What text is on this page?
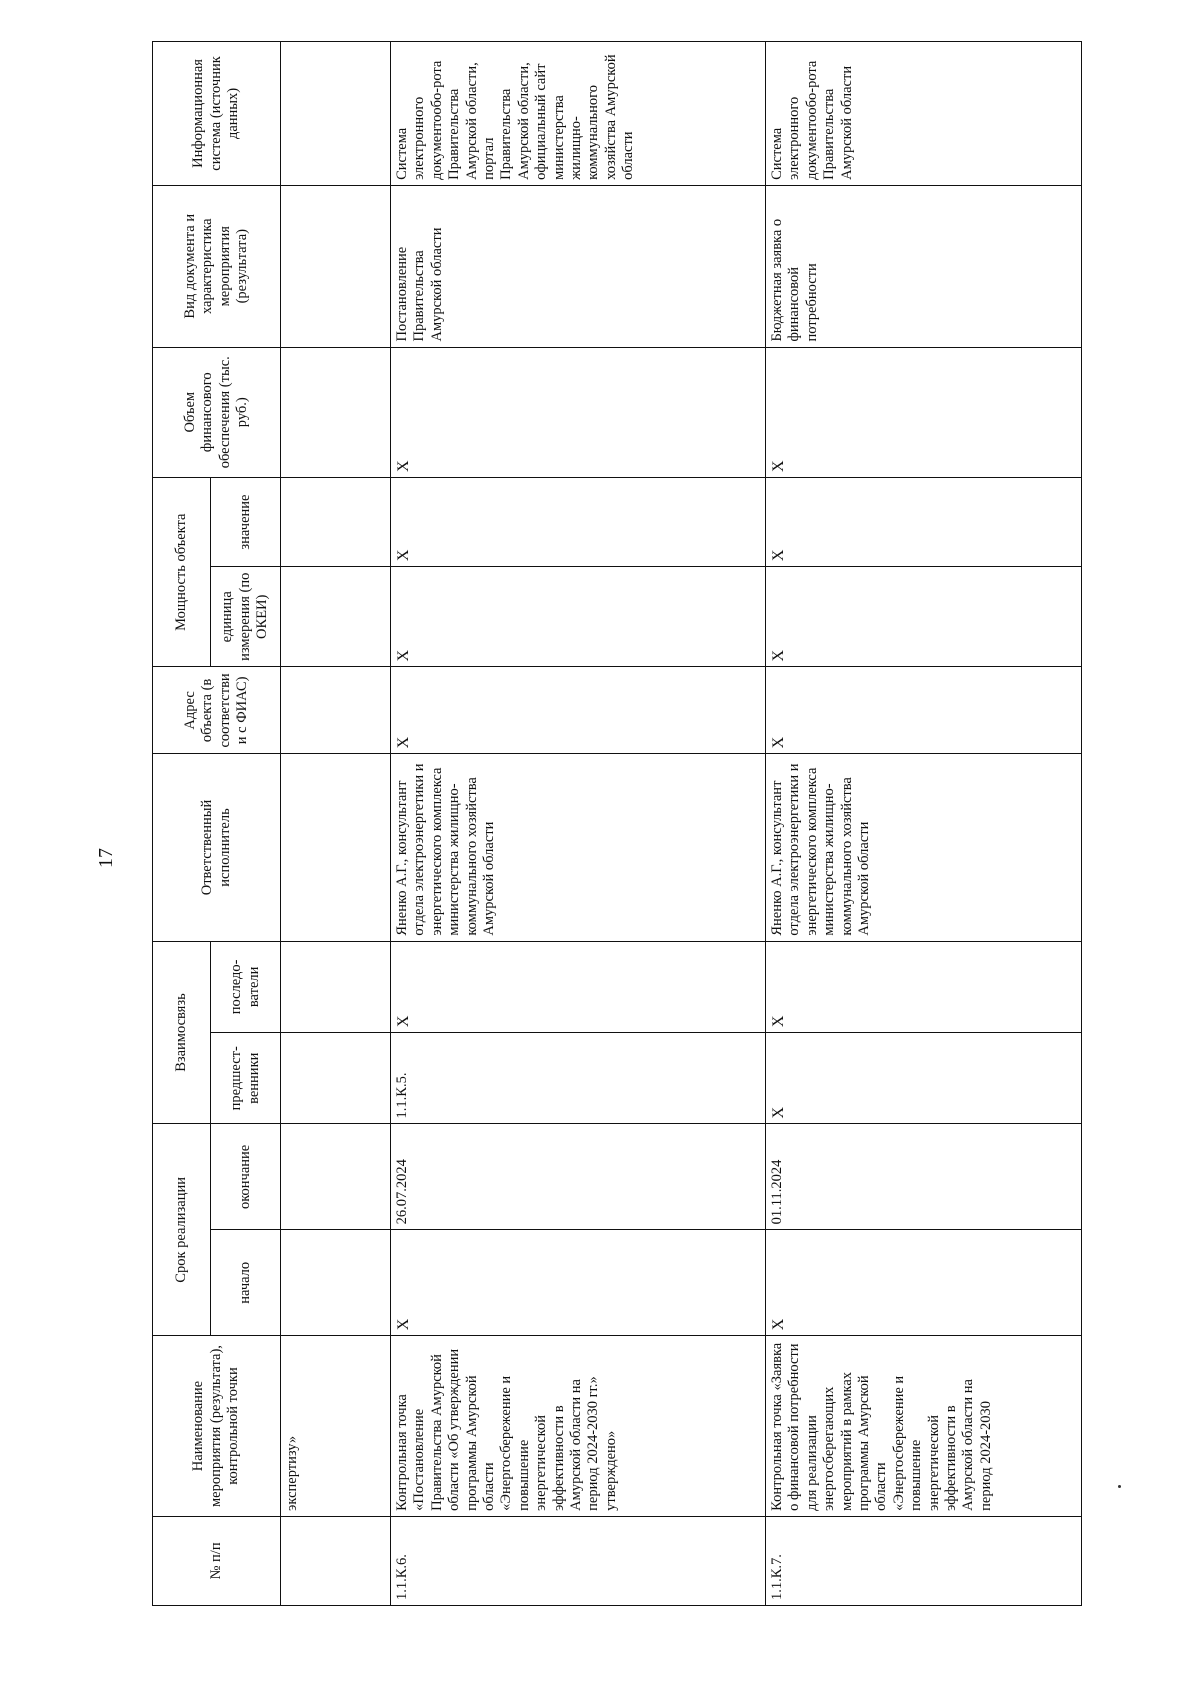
17
№ п/п	Наименование мероприятия (результата), контрольной точки	Срок реализации		Взаимосвязь		Ответственный исполнитель	Адрес объекта (в соответствии с ФИАС)	Мощность объекта		Объем финансового обеспечения (тыс. руб.)	Вид документа и характеристика мероприятия (результата)	Информационная система (источник данных)
		начало	окончание	предшест-венники	последо-ватели			единица измерения (по ОКЕИ)	значение			
	экспертизу»											
1.1.К.6.	Контрольная точка «Постановление Правительства Амурской области «Об утверждении программы Амурской области «Энергосбережение и повышение энергетической эффективности в Амурской области на период 2024-2030 гг.» утверждено»	X	26.07.2024	1.1.К.5.	X	Яненко А.Г., консультант отдела электроэнергетики и энергетического комплекса министерства жилищно-коммунального хозяйства Амурской области	X	X	X	X	Постановление Правительства Амурской области	Система электронного документообо-рота Правительства Амурской области, портал Правительства Амурской области, официальный сайт министерства жилищно-коммунального хозяйства Амурской области
1.1.К.7.	Контрольная точка «Заявка о финансовой потребности для реализации энергосберегающих мероприятий в рамках программы Амурской области «Энергосбережение и повышение энергетической эффективности в Амурской области на период 2024-2030	X	01.11.2024	X	X	Яненко А.Г., консультант отдела электроэнергетики и энергетического комплекса министерства жилищно-коммунального хозяйства Амурской области	X	X	X	X	Бюджетная заявка о финансовой потребности	Система электронного документообо-рота Правительства Амурской области
